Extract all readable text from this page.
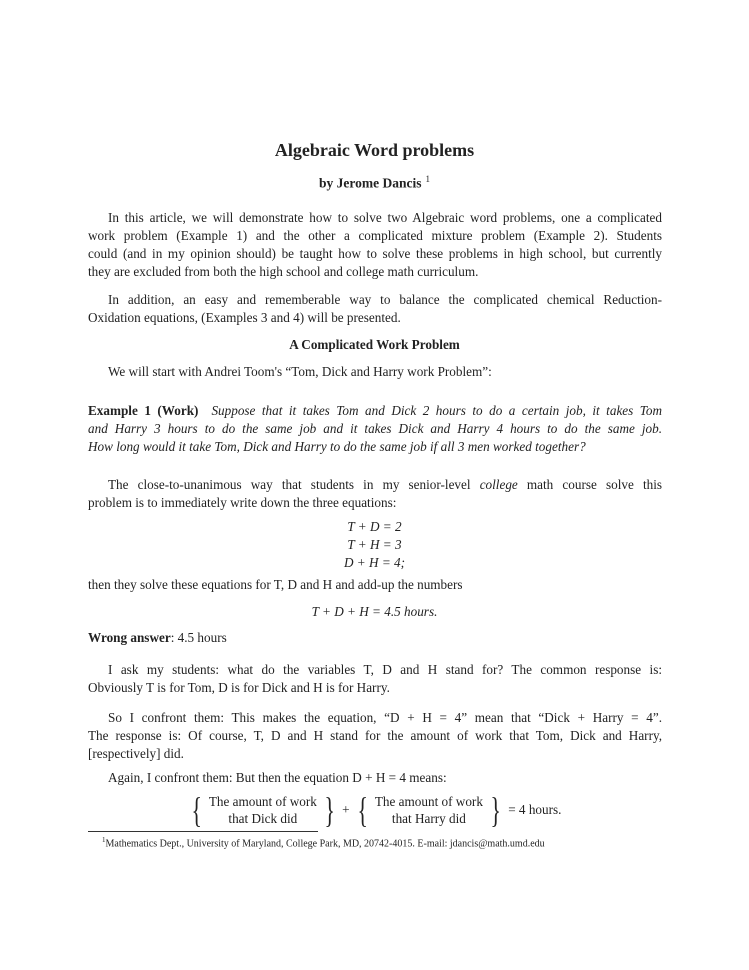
Algebraic Word problems
by Jerome Dancis $^1$
In this article, we will demonstrate how to solve two Algebraic word problems, one a complicated
work problem (Example 1) and the other a complicated mixture problem (Example 2). Students
could (and in my opinion should) be taught how to solve these problems in high school, but currently
they are excluded from both the high school and college math curriculum.
In addition, an easy and rememberable way to balance the complicated chemical Reduction-
Oxidation equations, (Examples 3 and 4) will be presented.
A Complicated Work Problem
We will start with Andrei Toom's “Tom, Dick and Harry work Problem”:
Example 1 (Work) Suppose that it takes Tom and Dick 2 hours to do a certain job, it takes Tom
and Harry 3 hours to do the same job and it takes Dick and Harry 4 hours to do the same job.
How long would it take Tom, Dick and Harry to do the same job if all 3 men worked together?
The close-to-unanimous way that students in my senior-level college math course solve this
problem is to immediately write down the three equations:
T + D = 2
T + H = 3
D + H = 4;
then they solve these equations for T, D and H and add-up the numbers
T + D + H = 4.5 hours.
Wrong answer: 4.5 hours
I ask my students: what do the variables T, D and H stand for? The common response is:
Obviously T is for Tom, D is for Dick and H is for Harry.
So I confront them: This makes the equation, “D + H = 4” mean that “Dick + Harry = 4”.
The response is: Of course, T, D and H stand for the amount of work that Tom, Dick and Harry,
[respectively] did.
Again, I confront them: But then the equation D + H = 4 means:
{ The amount of work
that Dick did } + { The amount of work
that Harry did } = 4 hours.
$^1$Mathematics Dept., University of Maryland, College Park, MD, 20742-4015. E-mail: jdancis@math.umd.edu
